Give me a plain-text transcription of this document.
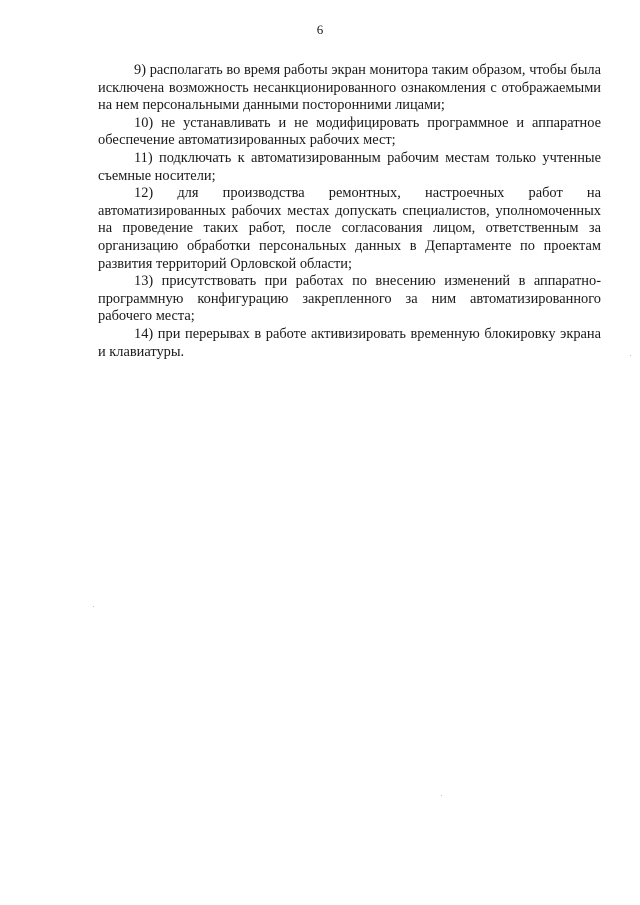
6

9) располагать во время работы экран монитора таким образом, чтобы была исключена возможность несанкционированного ознакомления с отображаемыми на нем персональными данными посторонними лицами;

10) не устанавливать и не модифицировать программное и аппаратное обеспечение автоматизированных рабочих мест;

11) подключать к автоматизированным рабочим местам только учтенные съемные носители;

12) для производства ремонтных, настроечных работ на автоматизированных рабочих местах допускать специалистов, уполномоченных на проведение таких работ, после согласования лицом, ответственным за организацию обработки персональных данных в Департаменте по проектам развития территорий Орловской области;

13) присутствовать при работах по внесению изменений в аппаратно-программную конфигурацию закрепленного за ним автоматизированного рабочего места;

14) при перерывах в работе активизировать временную блокировку экрана и клавиатуры.
